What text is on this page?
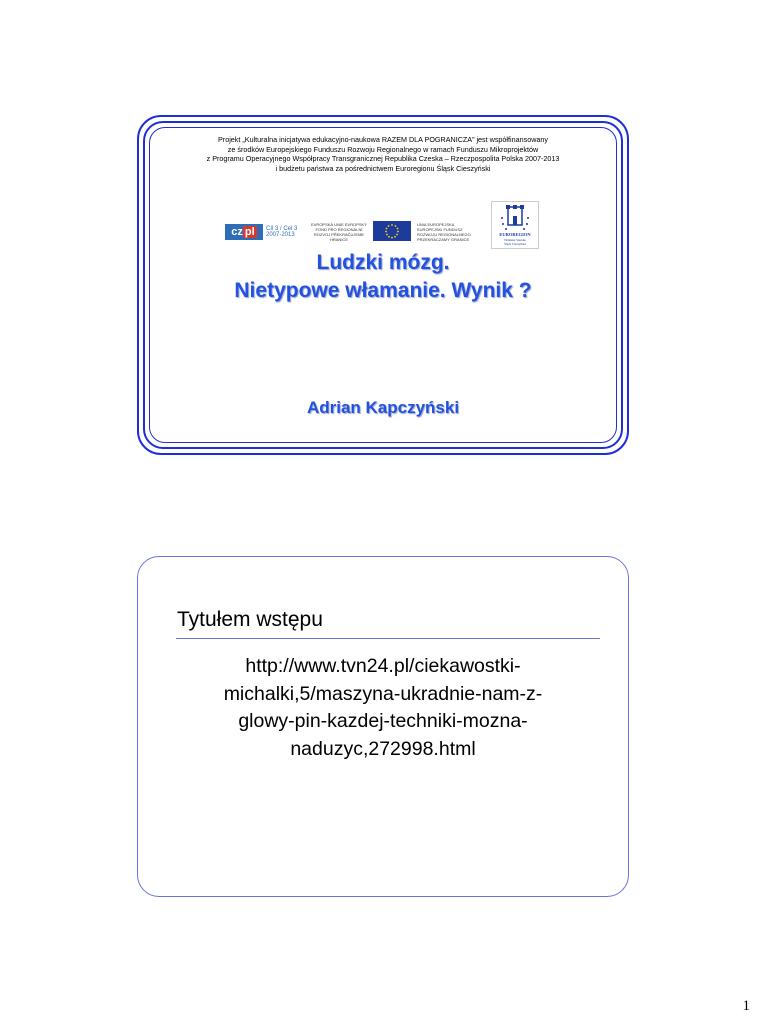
Projekt „Kulturalna inicjatywa edukacyjno-naukowa RAZEM DLA POGRANICZA” jest współfinansowany
ze środków Europejskiego Funduszu Rozwoju Regionalnego w ramach Funduszu Mikroprojektów
z Programu Operacyjnego Współpracy Transgranicznej Republika Czeska – Rzeczpospolita Polska 2007-2013
i budżetu państwa za pośrednictwem Euroregionu Śląsk Cieszyński
cz pl	Cíl 3 / Cel 3
2007-2013
EVROPSKÁ UNIE EVROPSKÝ FOND PRO REGIONÁLNÍ ROZVOJ PŘEKRAČUJEME HRANICE
UNIA EUROPEJSKA EUROPEJSKI FUNDUSZ ROZWOJU REGIONALNEGO PRZEKRACZAMY GRANICE
EUROREGION
Těšínské Slezsko
Śląsk Cieszyński
Ludzki mózg.
Nietypowe włamanie. Wynik ?
Adrian Kapczyński
Tytułem wstępu
http://www.tvn24.pl/ciekawostki-
michalki,5/maszyna-ukradnie-nam-z-
glowy-pin-kazdej-techniki-mozna-
naduzyc,272998.html
1
